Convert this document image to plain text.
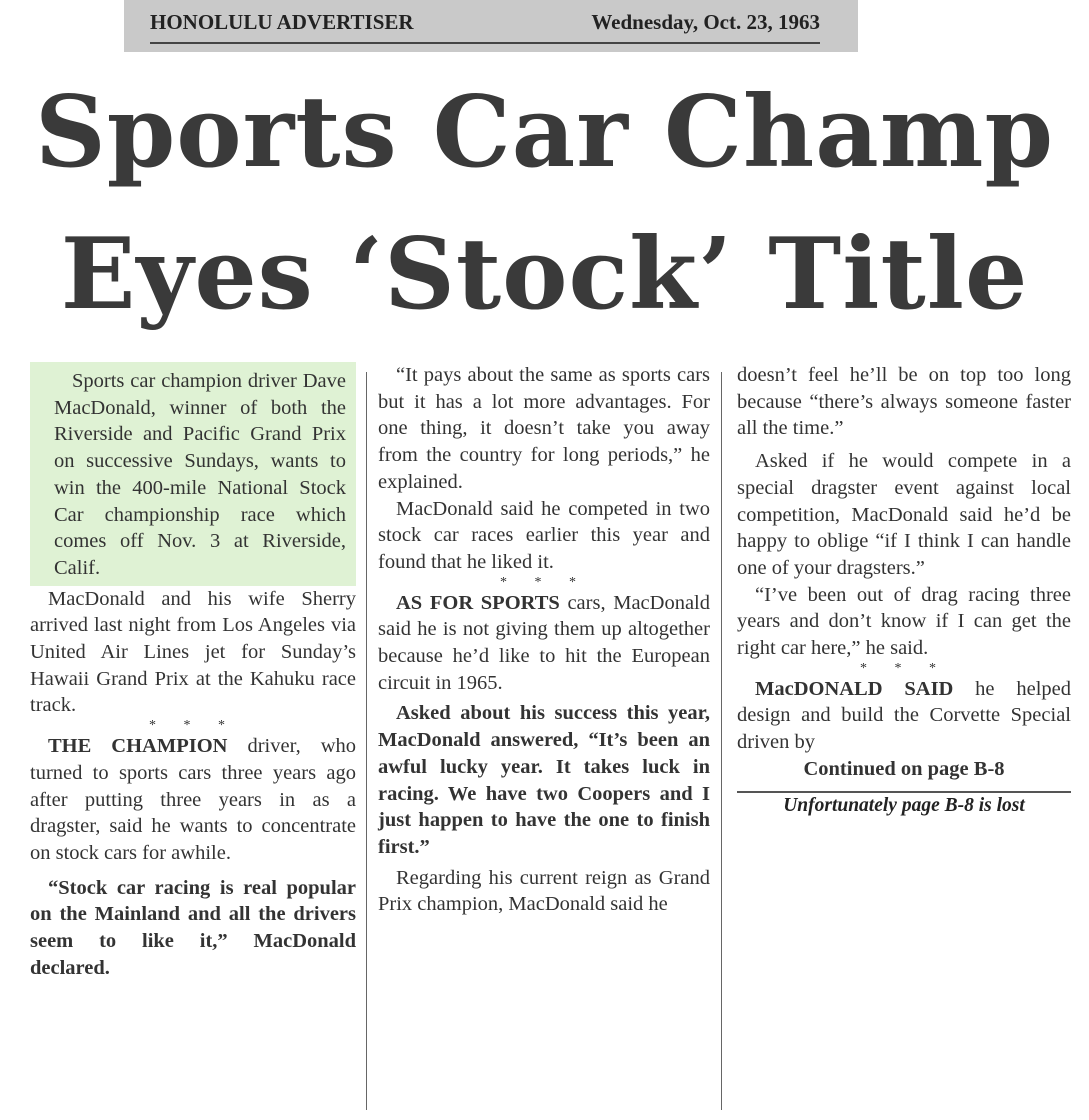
HONOLULU ADVERTISER	Wednesday, Oct. 23, 1963
Sports Car Champ
Eyes ‘Stock’ Title

Sports car champion driver Dave MacDonald, winner of both the Riverside and Pacific Grand Prix on successive Sundays, wants to win the 400-mile National Stock Car championship race which comes off Nov. 3 at Riverside, Calif.

MacDonald and his wife Sherry arrived last night from Los Angeles via United Air Lines jet for Sunday’s Hawaii Grand Prix at the Kahuku race track.

* * *

THE CHAMPION driver, who turned to sports cars three years ago after putting three years in as a dragster, said he wants to concentrate on stock cars for awhile.

“Stock car racing is real popular on the Mainland and all the drivers seem to like it,” MacDonald declared.

“It pays about the same as sports cars but it has a lot more advantages. For one thing, it doesn’t take you away from the country for long periods,” he explained.

MacDonald said he competed in two stock car races earlier this year and found that he liked it.

* * *

AS FOR SPORTS cars, MacDonald said he is not giving them up altogether because he’d like to hit the European circuit in 1965.

Asked about his success this year, MacDonald answered, “It’s been an awful lucky year. It takes luck in racing. We have two Coopers and I just happen to have the one to finish first.”

Regarding his current reign as Grand Prix champion, MacDonald said he

doesn’t feel he’ll be on top too long because “there’s always someone faster all the time.”

Asked if he would compete in a special dragster event against local competition, MacDonald said he’d be happy to oblige “if I think I can handle one of your dragsters.”

“I’ve been out of drag racing three years and don’t know if I can get the right car here,” he said.

* * *

MacDONALD SAID he helped design and build the Corvette Special driven by

Continued on page B-8

Unfortunately page B-8 is lost
